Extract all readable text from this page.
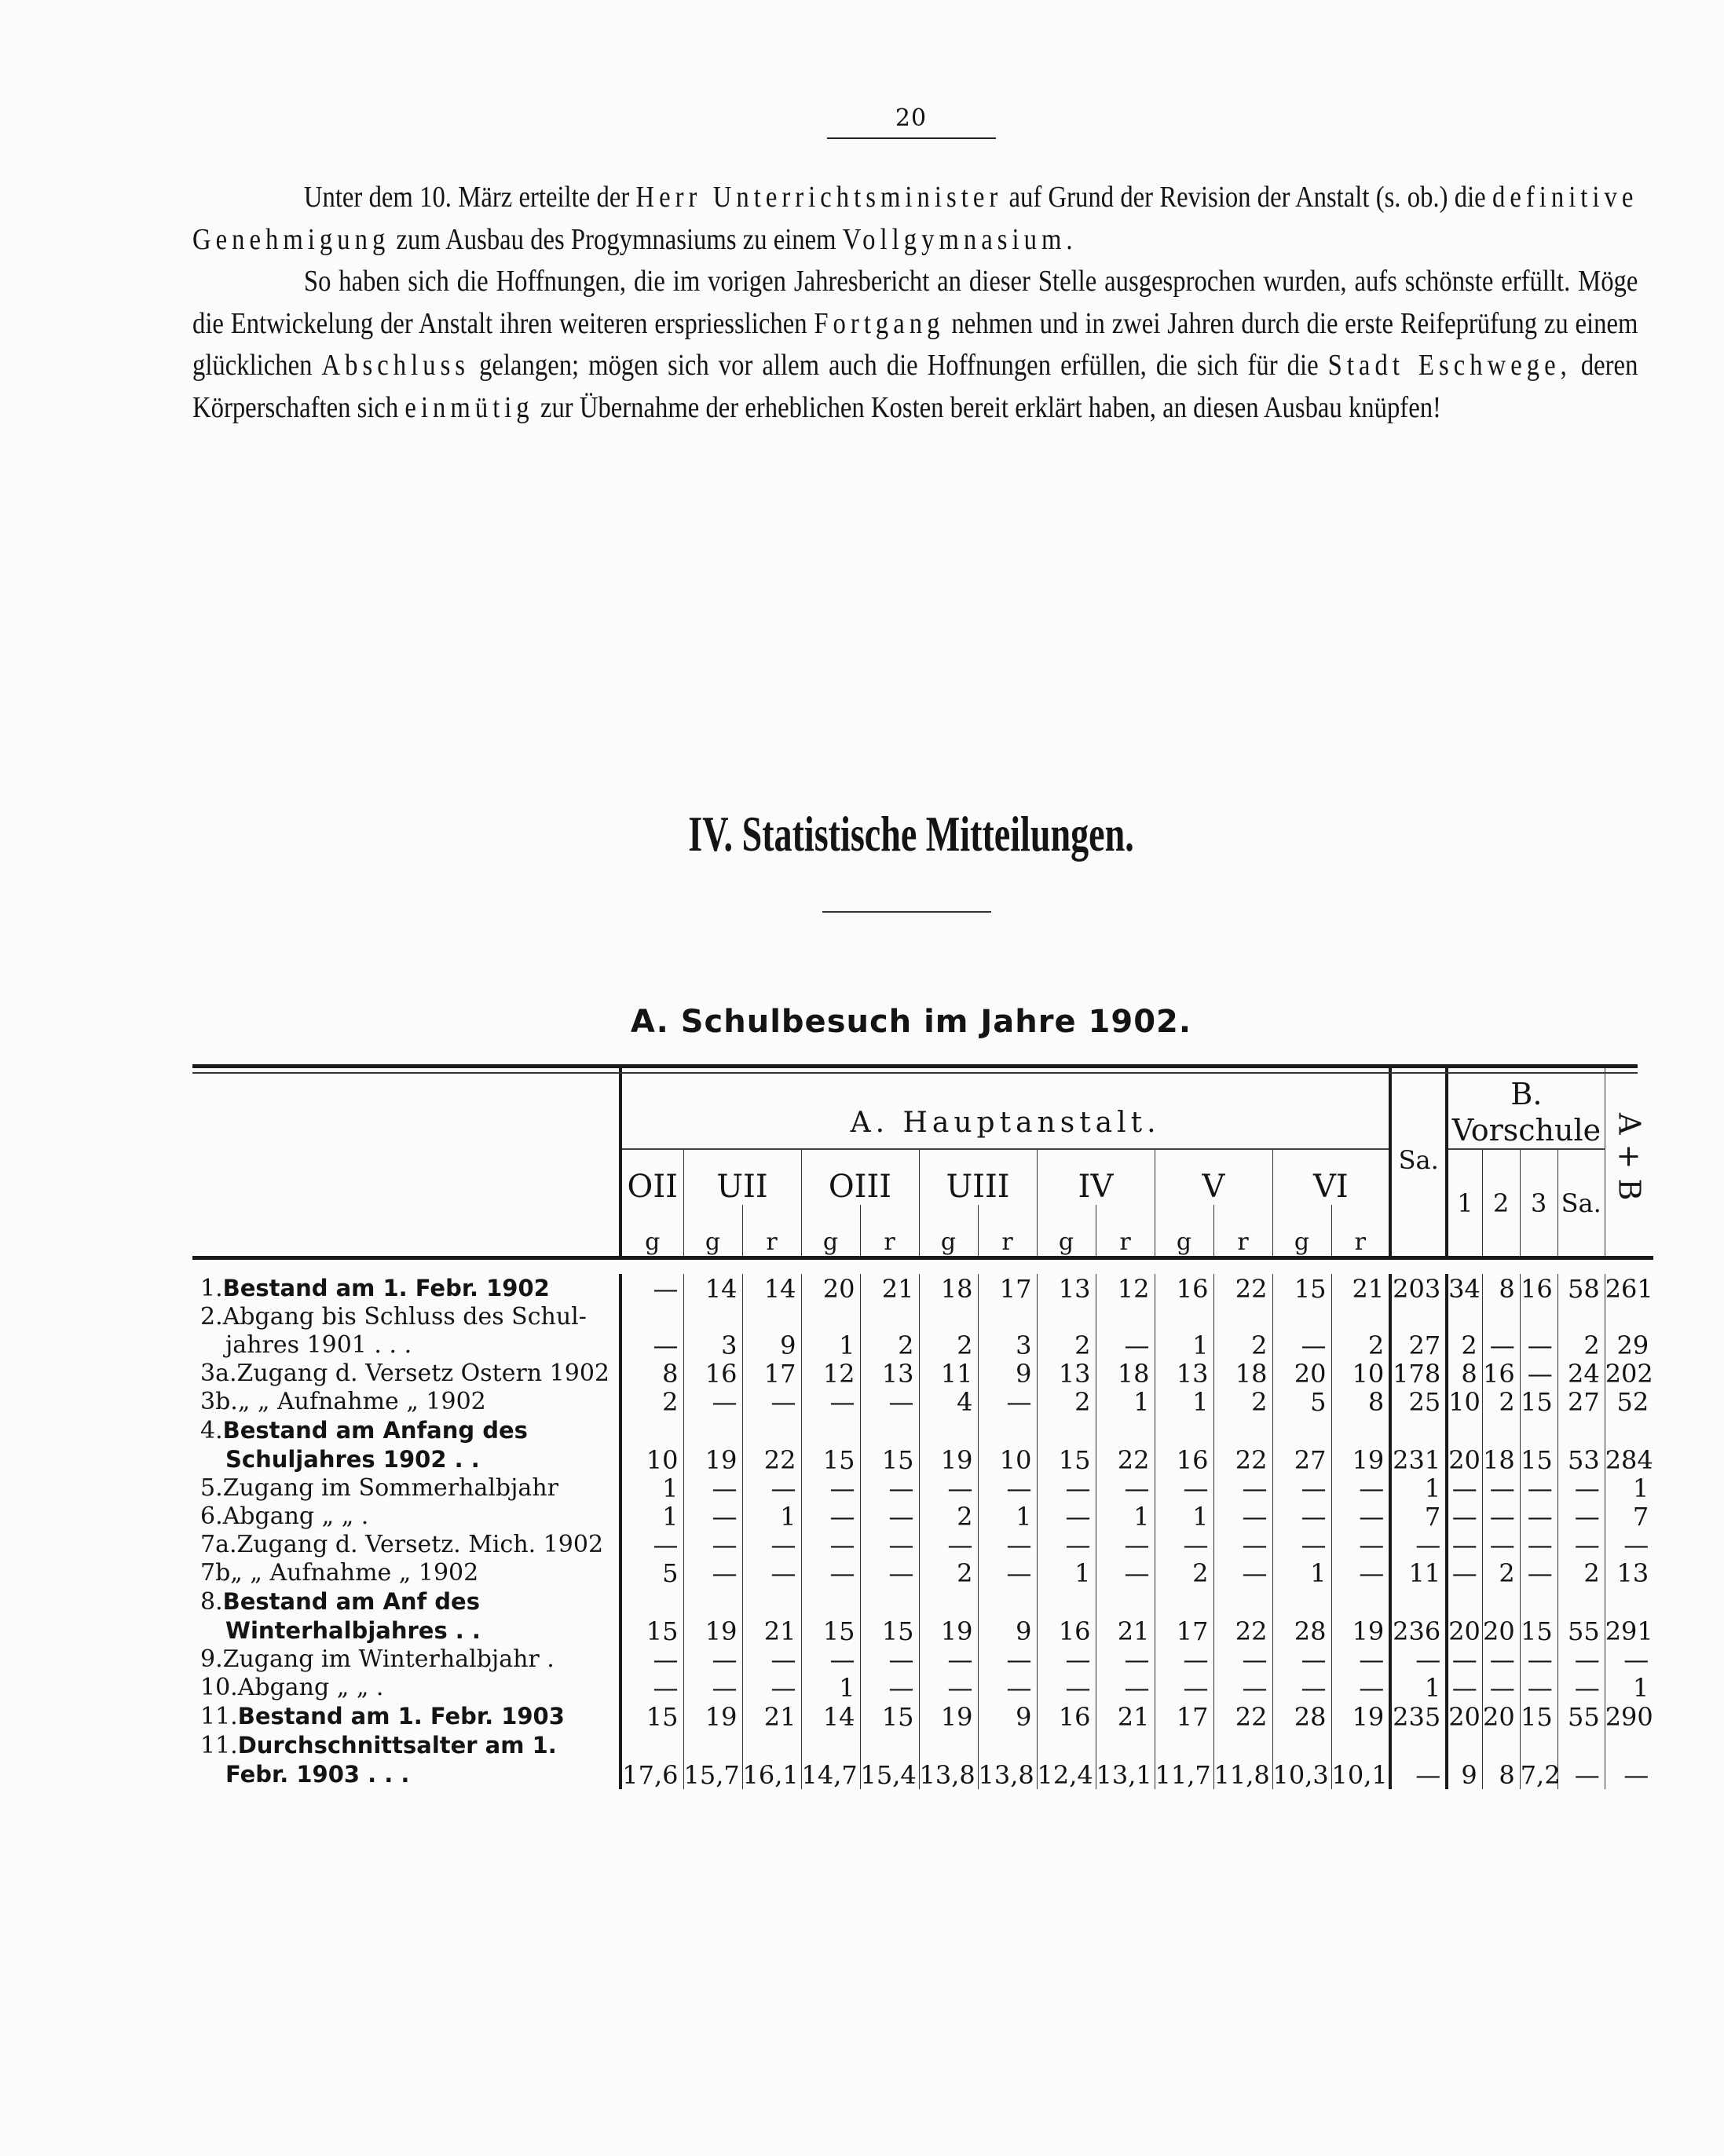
20

Unter dem 10. März erteilte der Herr Unterrichtsminister auf Grund der Revision der Anstalt (s. ob.) die definitive Genehmigung zum Ausbau des Progymnasiums zu einem Vollgymnasium.

So haben sich die Hoffnungen, die im vorigen Jahresbericht an dieser Stelle ausgesprochen wurden, aufs schönste erfüllt. Möge die Entwickelung der Anstalt ihren weiteren erspriesslichen Fortgang nehmen und in zwei Jahren durch die erste Reifeprüfung zu einem glücklichen Abschluss gelangen; mögen sich vor allem auch die Hoffnungen erfüllen, die sich für die Stadt Eschwege, deren Körperschaften sich einmütig zur Übernahme der erheblichen Kosten bereit erklärt haben, an diesen Ausbau knüpfen!

IV. Statistische Mitteilungen.
A. Schulbesuch im Jahre 1902.
	A. Hauptanstalt.													Sa.	B.
Vorschule				A + B
	OII	UII		OIII		UIII		IV		V		VI			1	2	3	Sa.	
	g	g	r	g	r	g	r	g	r	g	r	g	r						

1.Bestand am 1. Febr. 1902	—	14	14	20	21	18	17	13	12	16	22	15	21	203	34	8	16	58	261
2.Abgang bis Schluss des Schul-
jahres 1901 . . .	—	3	9	1	2	2	3	2	—	1	2	—	2	27	2	—	—	2	29
3a.Zugang d. Versetz Ostern 1902	8	16	17	12	13	11	9	13	18	13	18	20	10	178	8	16	—	24	202
3b.„ „ Aufnahme „ 1902	2	—	—	—	—	4	—	2	1	1	2	5	8	25	10	2	15	27	52
4.Bestand am Anfang des
Schuljahres 1902 . .	10	19	22	15	15	19	10	15	22	16	22	27	19	231	20	18	15	53	284
5.Zugang im Sommerhalbjahr	1	—	—	—	—	—	—	—	—	—	—	—	—	1	—	—	—	—	1
6.Abgang „ „ .	1	—	1	—	—	2	1	—	1	1	—	—	—	7	—	—	—	—	7
7a.Zugang d. Versetz. Mich. 1902	—	—	—	—	—	—	—	—	—	—	—	—	—	—	—	—	—	—	—
7b„ „ Aufnahme „ 1902	5	—	—	—	—	2	—	1	—	2	—	1	—	11	—	2	—	2	13
8.Bestand am Anf des
Winterhalbjahres . .	15	19	21	15	15	19	9	16	21	17	22	28	19	236	20	20	15	55	291
9.Zugang im Winterhalbjahr .	—	—	—	—	—	—	—	—	—	—	—	—	—	—	—	—	—	—	—
10.Abgang „ „ .	—	—	—	1	—	—	—	—	—	—	—	—	—	1	—	—	—	—	1
11.Bestand am 1. Febr. 1903	15	19	21	14	15	19	9	16	21	17	22	28	19	235	20	20	15	55	290
11.Durchschnittsalter am 1.
Febr. 1903 . . .	17,6	15,7	16,1	14,7	15,4	13,8	13,8	12,4	13,1	11,7	11,8	10,3	10,1	—	9	8	7,2	—	—
